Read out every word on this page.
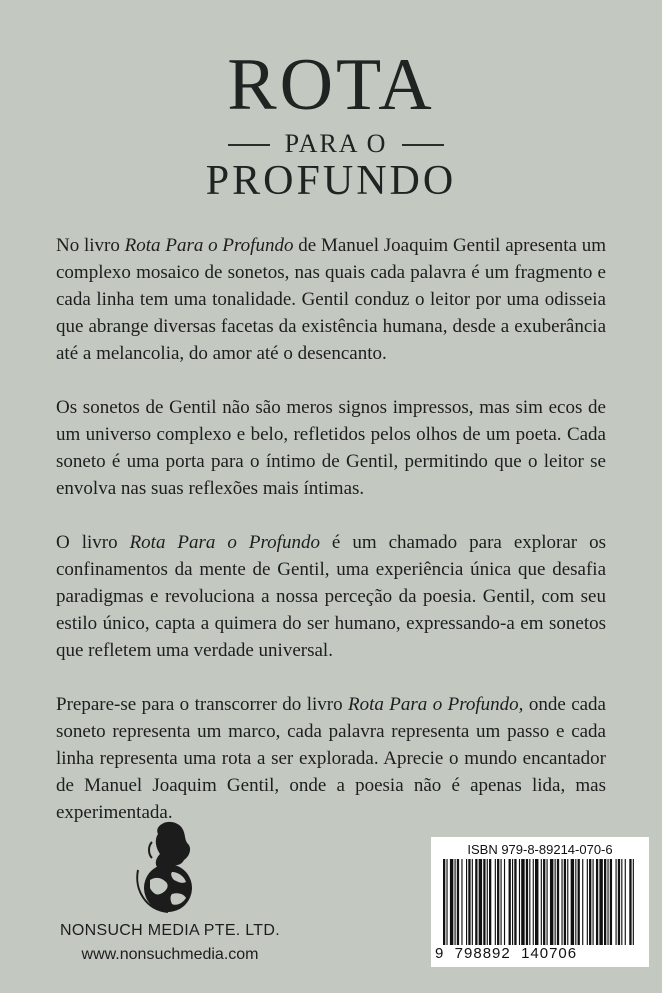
ROTA
PARA O
PROFUNDO

No livro Rota Para o Profundo de Manuel Joaquim Gentil apresenta um complexo mosaico de sonetos, nas quais cada palavra é um fragmento e cada linha tem uma tonalidade. Gentil conduz o leitor por uma odisseia que abrange diversas facetas da existência humana, desde a exuberância até a melancolia, do amor até o desencanto.

Os sonetos de Gentil não são meros signos impressos, mas sim ecos de um universo complexo e belo, refletidos pelos olhos de um poeta. Cada soneto é uma porta para o íntimo de Gentil, permitindo que o leitor se envolva nas suas reflexões mais íntimas.

O livro Rota Para o Profundo é um chamado para explorar os confinamentos da mente de Gentil, uma experiência única que desafia paradigmas e revoluciona a nossa perceção da poesia. Gentil, com seu estilo único, capta a quimera do ser humano, expressando-a em sonetos que refletem uma verdade universal.

Prepare-se para o transcorrer do livro Rota Para o Profundo, onde cada soneto representa um marco, cada palavra representa um passo e cada linha representa uma rota a ser explorada. Aprecie o mundo encantador de Manuel Joaquim Gentil, onde a poesia não é apenas lida, mas experimentada.

NONSUCH MEDIA PTE. LTD.
www.nonsuchmedia.com
ISBN 979-8-89214-070-6
9  798892  140706
